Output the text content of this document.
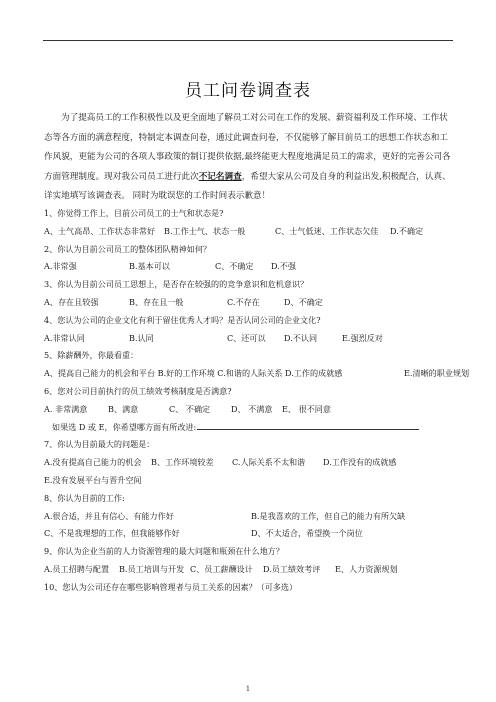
员工问卷调查表

为了提高员工的工作积极性以及更全面地了解员工对公司在工作的发展、薪资福利及工作环境、工作状态等各方面的满意程度，特制定本调查问卷，通过此调查问卷，不仅能够了解目前员工的思想工作状态和工作风貌，更能为公司的各项人事政策的制订提供依据,最终能更大程度地满足员工的需求，更好的完善公司各方面管理制度。现对我公司员工进行此次不记名调查，希望大家从公司及自身的利益出发,积极配合，认真、详实地填写该调查表。 同时为耽误您的工作时间表示歉意！

1、你觉得工作上，目前公司员工的士气和状态是?
A、士气高昂、工作状态非常好 B.工作士气、状态一般	C、士气低迷、工作状态欠佳 D.不确定
2、你认为目前公司员工的整体团队精神如何？
A.非常强	B.基本可以	C、不确定 D.不强
3、你认为目前公司员工思想上，是否存在较强的的竞争意识和危机意识？
A、存在且较强	B、存在且一般	C.不存在	D、不确定
4、您认为公司的企业文化有利于留住优秀人才吗？是否认同公司的企业文化?
A.非常认同	B.认同	C、还可以 D.不认同	E.强烈反对
5、除薪酬外，你最看重：
A、提高自己能力的机会和平台 B.好的工作环境 C.和谐的人际关系 D.工作的成就感	E.清晰的职业规划
6、您对公司目前执行的员工绩效考核制度是否满意?
A. 非常满意	B、满意	C、 不确定	D、 不满意 E、 很不同意
如果选 D 或 E，你希望哪方面有所改进:
7、你认为目前最大的问题是：
A.没有提高自己能力的机会 B、工作环境较差 C.人际关系不太和谐 D.工作没有的成就感
E.没有发展平台与晋升空间
8、你认为目前的工作:
A.很合适，并且有信心、有能力作好	B.是我喜欢的工作，但自己的能力有所欠缺
C、不是我理想的工作，但我能够作好	D、不太适合，希望换一个岗位
9、你认为企业当前的人力资源管理的最大问题和瓶颈在什么地方？
A.员工招聘与配置 B.员工培训与开发 C、员工薪酬设计 D.员工绩效考评 E、人力资源规划
10、您认为公司还存在哪些影响管理者与员工关系的因素？（可多选）
1
